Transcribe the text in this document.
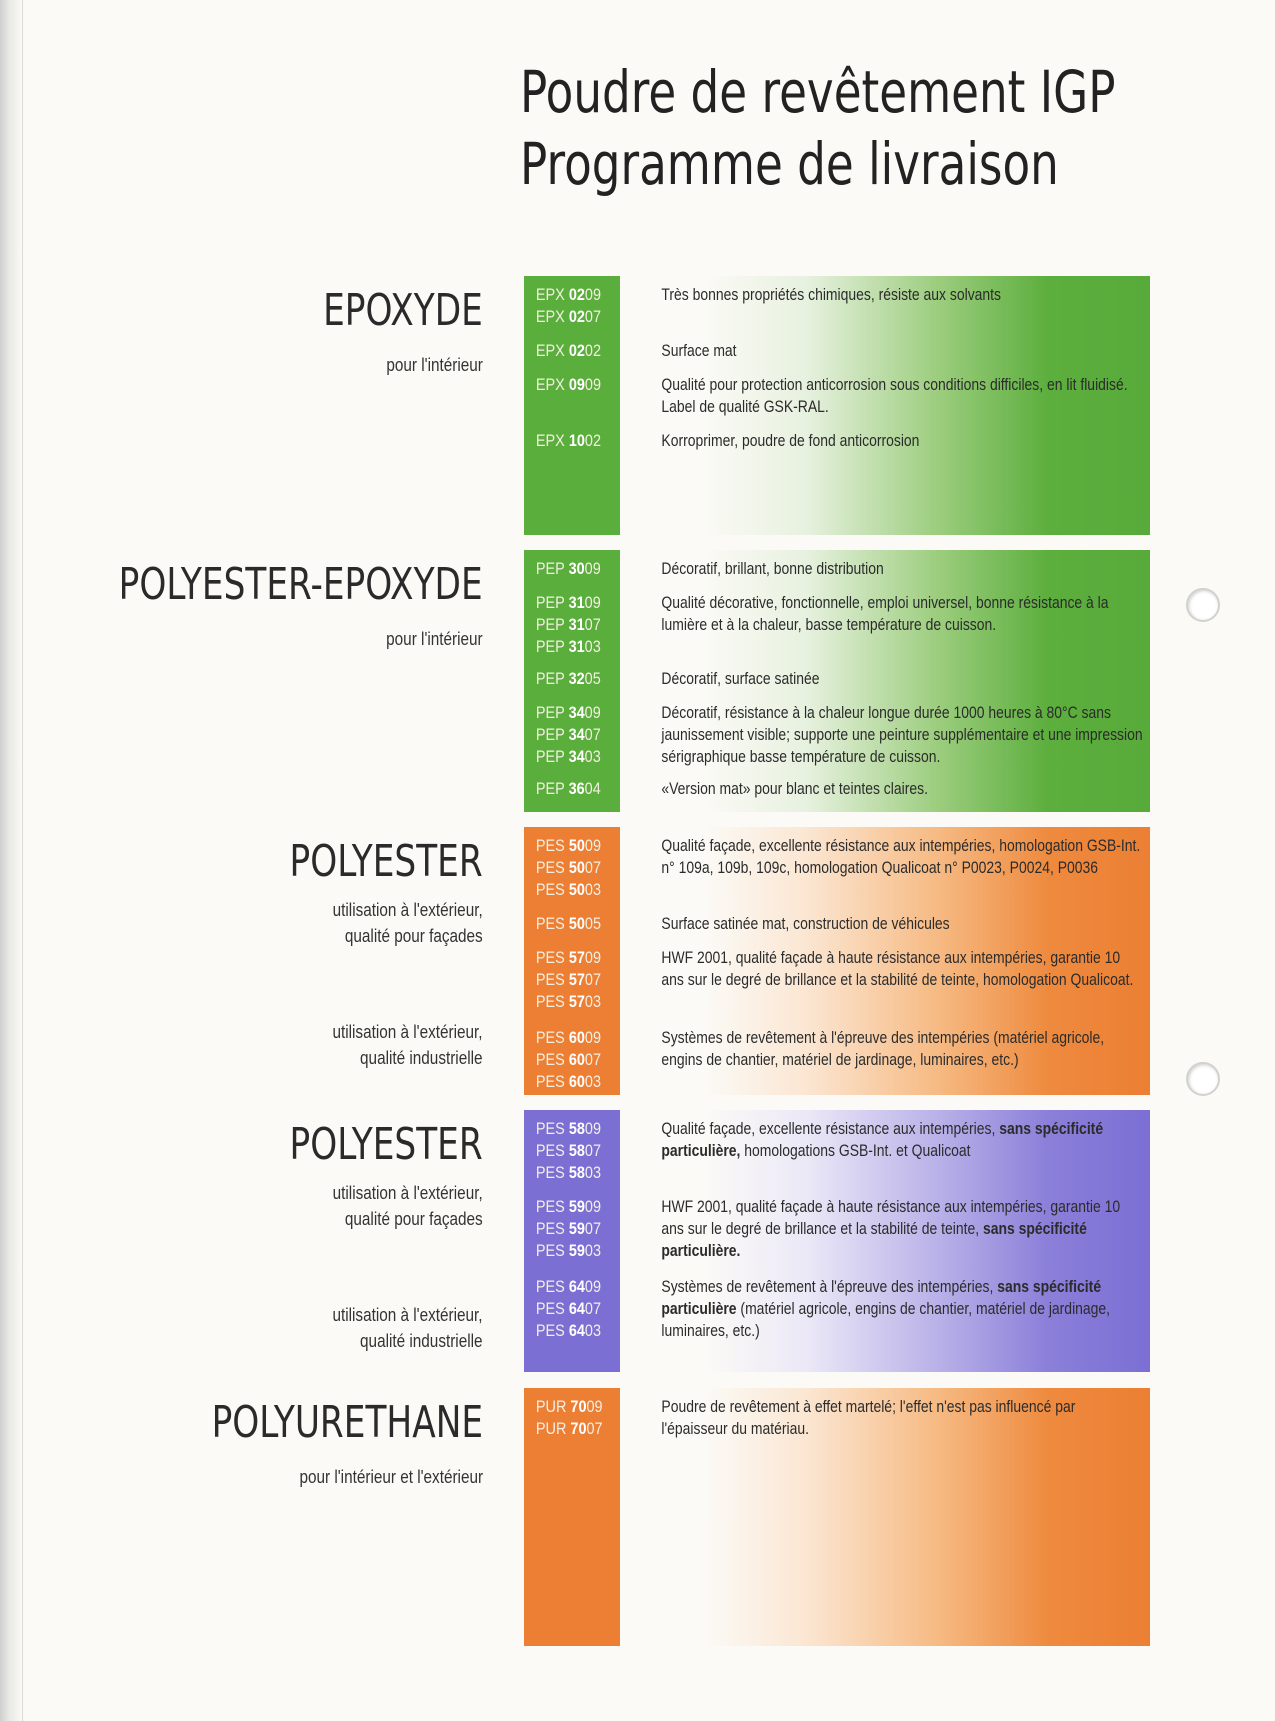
Poudre de revêtement IGP
Programme de livraison
EPOXYDE
pour l'intérieur
EPX 0209
EPX 0207
EPX 0202
EPX 0909
EPX 1002
Très bonnes propriétés chimiques, résiste aux solvants
Surface mat
Qualité pour protection anticorrosion sous conditions difficiles, en lit fluidisé. Label de qualité GSK-RAL.
Korroprimer, poudre de fond anticorrosion
POLYESTER-EPOXYDE
pour l'intérieur
PEP 3009
PEP 3109
PEP 3107
PEP 3103
PEP 3205
PEP 3409
PEP 3407
PEP 3403
PEP 3604
Décoratif, brillant, bonne distribution
Qualité décorative, fonctionnelle, emploi universel, bonne résistance à la lumière et à la chaleur, basse température de cuisson.
Décoratif, surface satinée
Décoratif, résistance à la chaleur longue durée 1000 heures à 80°C sans jaunissement visible; supporte une peinture supplémentaire et une impression sérigraphique basse température de cuisson.
«Version mat» pour blanc et teintes claires.
POLYESTER
utilisation à l'extérieur,
qualité pour façades
utilisation à l'extérieur,
qualité industrielle
PES 5009
PES 5007
PES 5003
PES 5005
PES 5709
PES 5707
PES 5703
PES 6009
PES 6007
PES 6003
Qualité façade, excellente résistance aux intempéries, homologation GSB-Int. n° 109a, 109b, 109c, homologation Qualicoat n° P0023, P0024, P0036
Surface satinée mat, construction de véhicules
HWF 2001, qualité façade à haute résistance aux intempéries, garantie 10 ans sur le degré de brillance et la stabilité de teinte, homologation Qualicoat.
Systèmes de revêtement à l'épreuve des intempéries (matériel agricole, engins de chantier, matériel de jardinage, luminaires, etc.)
POLYESTER
utilisation à l'extérieur,
qualité pour façades
utilisation à l'extérieur,
qualité industrielle
PES 5809
PES 5807
PES 5803
PES 5909
PES 5907
PES 5903
PES 6409
PES 6407
PES 6403
Qualité façade, excellente résistance aux intempéries, sans spécificité particulière, homologations GSB-Int. et Qualicoat
HWF 2001, qualité façade à haute résistance aux intempéries, garantie 10 ans sur le degré de brillance et la stabilité de teinte, sans spécificité particulière.
Systèmes de revêtement à l'épreuve des intempéries, sans spécificité particulière (matériel agricole, engins de chantier, matériel de jardinage, luminaires, etc.)
POLYURETHANE
pour l'intérieur et l'extérieur
PUR 7009
PUR 7007
Poudre de revêtement à effet martelé; l'effet n'est pas influencé par l'épaisseur du matériau.
